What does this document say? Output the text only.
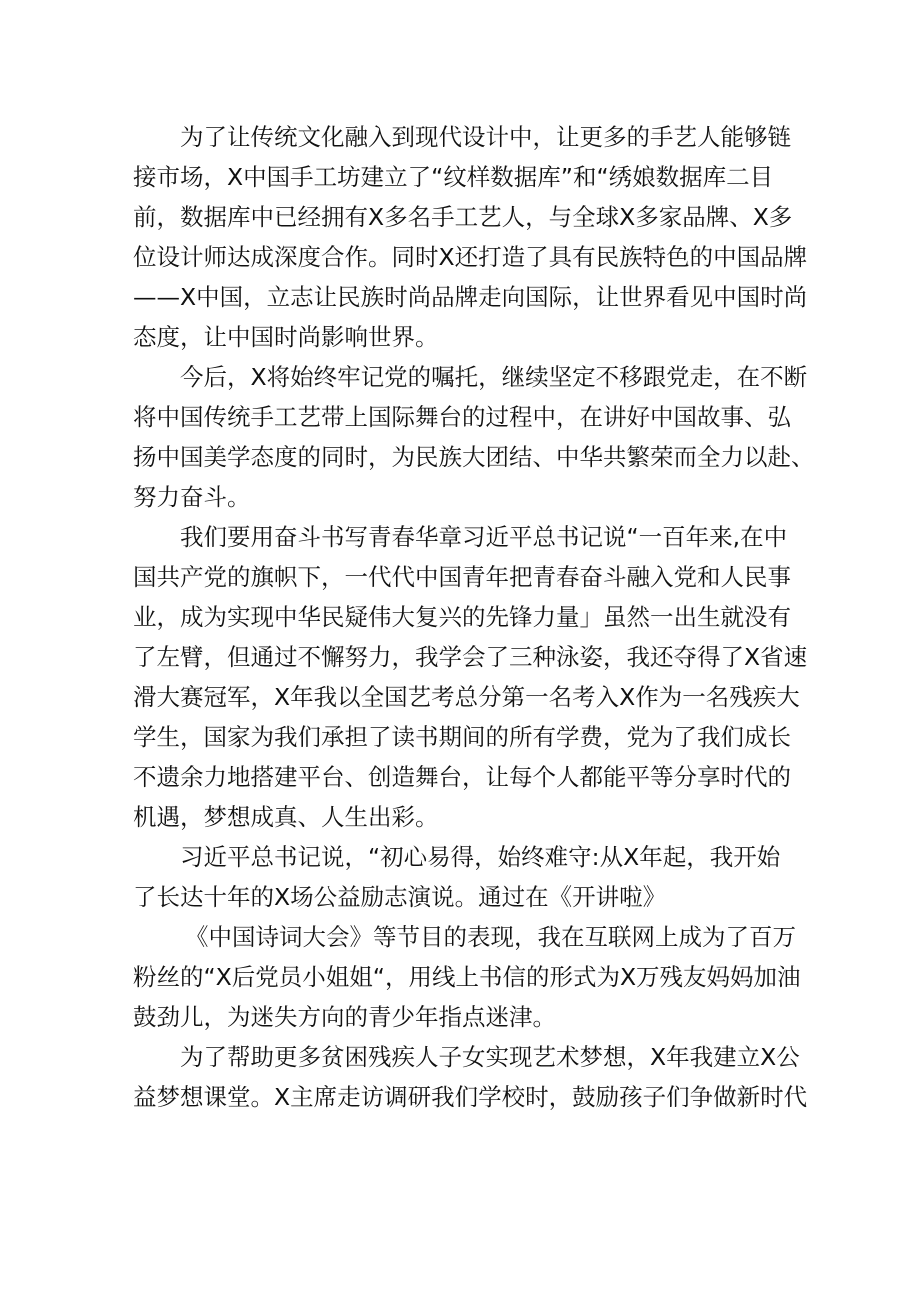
为了让传统文化融入到现代设计中，让更多的手艺人能够链
接市场，X中国手工坊建立了“纹样数据库”和“绣娘数据库二目
前，数据库中已经拥有X多名手工艺人，与全球X多家品牌、X多
位设计师达成深度合作。同时X还打造了具有民族特色的中国品牌
——X中国，立志让民族时尚品牌走向国际，让世界看见中国时尚
态度，让中国时尚影响世界。
今后，X将始终牢记党的嘱托，继续坚定不移跟党走，在不断
将中国传统手工艺带上国际舞台的过程中，在讲好中国故事、弘
扬中国美学态度的同时，为民族大团结、中华共繁荣而全力以赴、
努力奋斗。
我们要用奋斗书写青春华章习近平总书记说“一百年来,在中
国共产党的旗帜下，一代代中国青年把青春奋斗融入党和人民事
业，成为实现中华民疑伟大复兴的先锋力量」虽然一出生就没有
了左臂，但通过不懈努力，我学会了三种泳姿，我还夺得了X省速
滑大赛冠军，X年我以全国艺考总分第一名考入X作为一名残疾大
学生，国家为我们承担了读书期间的所有学费，党为了我们成长
不遗余力地搭建平台、创造舞台，让每个人都能平等分享时代的
机遇，梦想成真、人生出彩。
习近平总书记说，“初心易得，始终难守:从X年起，我开始
了长达十年的X场公益励志演说。通过在《开讲啦》
《中国诗词大会》等节目的表现，我在互联网上成为了百万
粉丝的“X后党员小姐姐“，用线上书信的形式为X万残友妈妈加油
鼓劲儿，为迷失方向的青少年指点迷津。
为了帮助更多贫困残疾人子女实现艺术梦想，X年我建立X公
益梦想课堂。X主席走访调研我们学校时，鼓励孩子们争做新时代
